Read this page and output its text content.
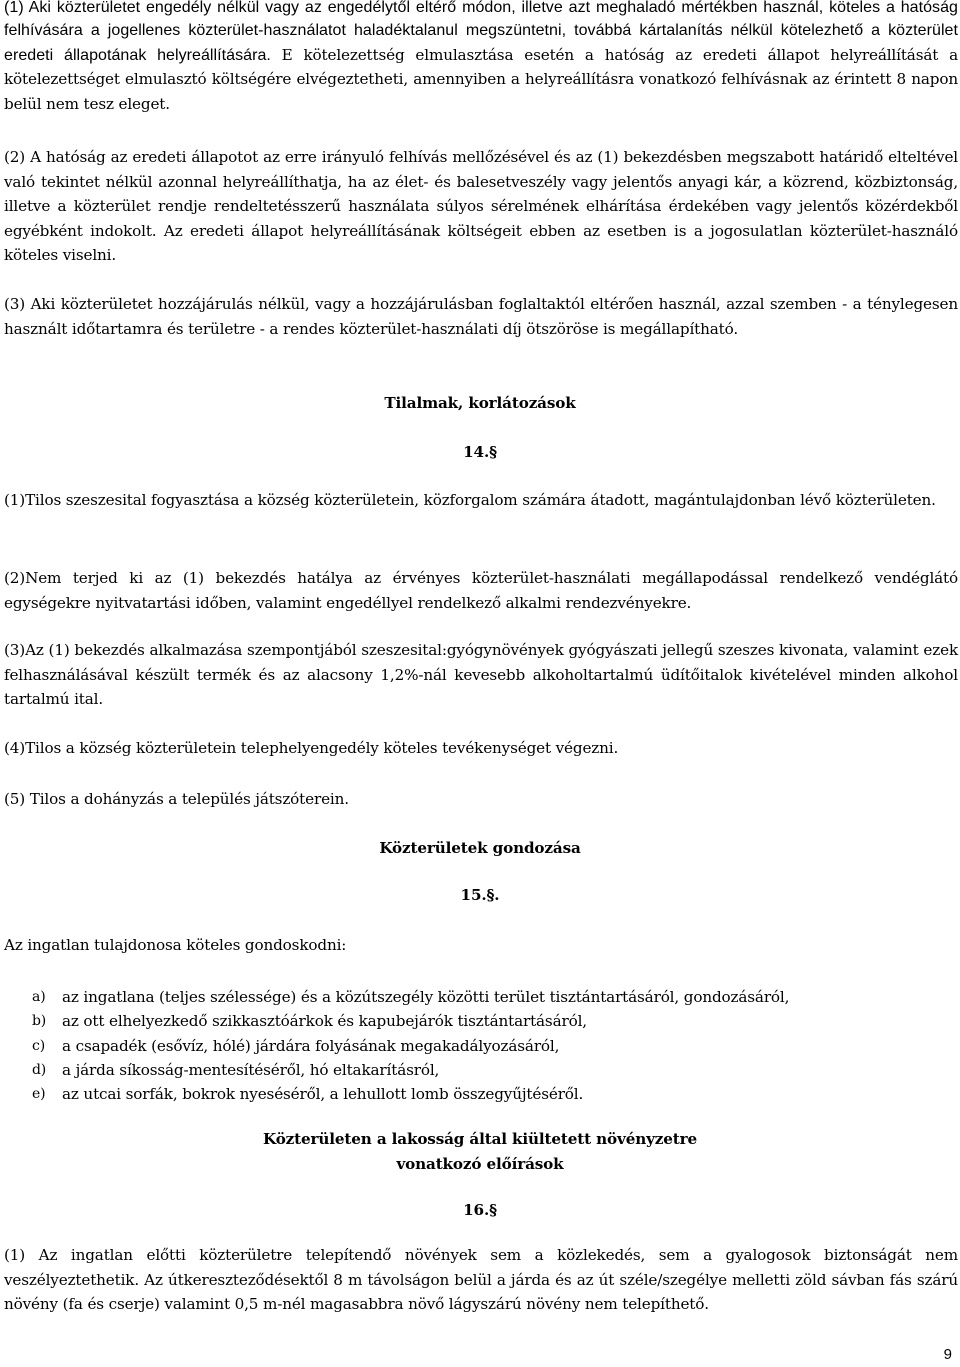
(1) Aki közterületet engedély nélkül vagy az engedélytől eltérő módon, illetve azt meghaladó mértékben használ, köteles a hatóság felhívására a jogellenes közterület-használatot haladéktalanul megszüntetni, továbbá kártalanítás nélkül kötelezhető a közterület eredeti állapotának helyreállítására. E kötelezettség elmulasztása esetén a hatóság az eredeti állapot helyreállítását a kötelezettséget elmulasztó költségére elvégeztetheti, amennyiben a helyreállításra vonatkozó felhívásnak az érintett 8 napon belül nem tesz eleget.

(2) A hatóság az eredeti állapotot az erre irányuló felhívás mellőzésével és az (1) bekezdésben megszabott határidő elteltével való tekintet nélkül azonnal helyreállíthatja, ha az élet- és balesetveszély vagy jelentős anyagi kár, a közrend, közbiztonság, illetve a közterület rendje rendeltetésszerű használata súlyos sérelmének elhárítása érdekében vagy jelentős közérdekből egyébként indokolt. Az eredeti állapot helyreállításának költségeit ebben az esetben is a jogosulatlan közterület-használó köteles viselni.

(3) Aki közterületet hozzájárulás nélkül, vagy a hozzájárulásban foglaltaktól eltérően használ, azzal szemben - a ténylegesen használt időtartamra és területre - a rendes közterület-használati díj ötszöröse is megállapítható.

Tilalmak, korlátozások

14.§

(1)Tilos szeszesital fogyasztása a község közterületein, közforgalom számára átadott, magántulajdonban lévő közterületen.

(2)Nem terjed ki az (1) bekezdés hatálya az érvényes közterület-használati megállapodással rendelkező vendéglátó egységekre nyitvatartási időben, valamint engedéllyel rendelkező alkalmi rendezvényekre.

(3)Az (1) bekezdés alkalmazása szempontjából szeszesital:gyógynövények gyógyászati jellegű szeszes kivonata, valamint ezek felhasználásával készült termék és az alacsony 1,2%-nál kevesebb alkoholtartalmú üdítőitalok kivételével minden alkohol tartalmú ital.

(4)Tilos a község közterületein telephelyengedély köteles tevékenységet végezni.

(5) Tilos a dohányzás a település játszóterein.

Közterületek gondozása

15.§.

Az ingatlan tulajdonosa köteles gondoskodni:

a)	az ingatlana (teljes szélessége) és a közútszegély közötti terület tisztántartásáról, gondozásáról,
b)	az ott elhelyezkedő szikkasztóárkok és kapubejárók tisztántartásáról,
c)	a csapadék (esővíz, hólé) járdára folyásának megakadályozásáról,
d)	a járda síkosság-mentesítéséről, hó eltakarításról,
e)	az utcai sorfák, bokrok nyeséséről, a lehullott lomb összegyűjtéséről.

Közterületen a lakosság által kiültetett növényzetre

vonatkozó előírások

16.§

(1) Az ingatlan előtti közterületre telepítendő növények sem a közlekedés, sem a gyalogosok biztonságát nem veszélyeztethetik. Az útkereszteződésektől 8 m távolságon belül a járda és az út széle/szegélye melletti zöld sávban fás szárú növény (fa és cserje) valamint 0,5 m-nél magasabbra növő lágyszárú növény nem telepíthető.

9
